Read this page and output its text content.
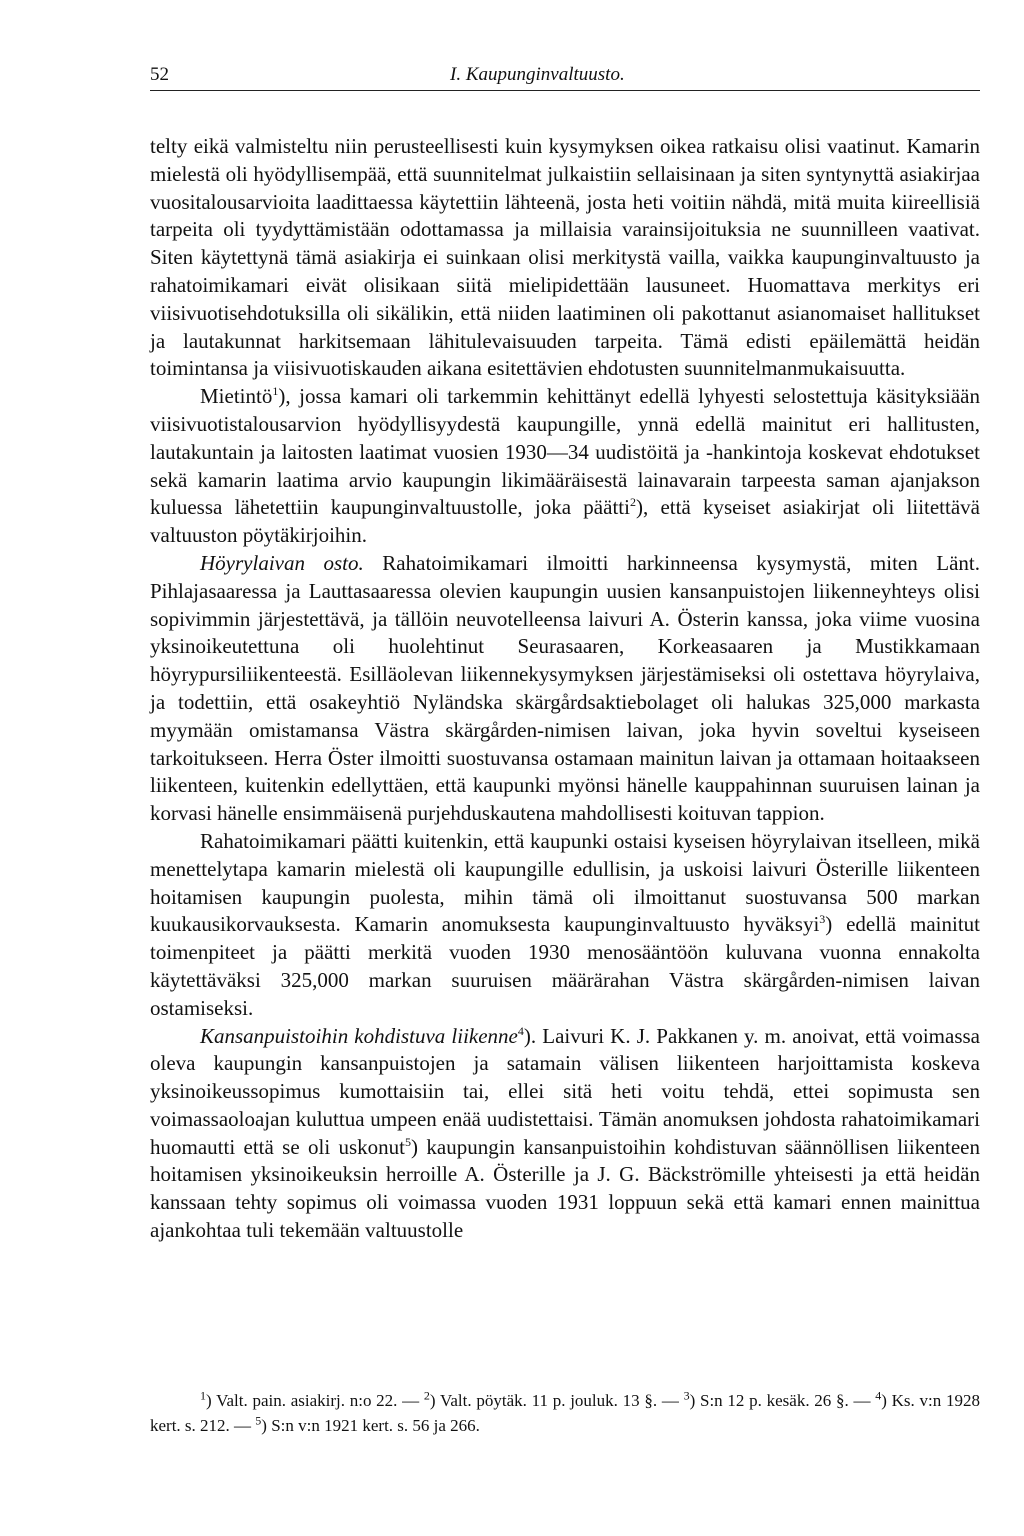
52	I. Kaupunginvaltuusto.

telty eikä valmisteltu niin perusteellisesti kuin kysymyksen oikea ratkaisu olisi vaatinut. Kamarin mielestä oli hyödyllisempää, että suunnitelmat julkaistiin sellaisinaan ja siten syntynyttä asiakirjaa vuositalousarvioita laadittaessa käytettiin lähteenä, josta heti voitiin nähdä, mitä muita kiireellisiä tarpeita oli tyydyttämistään odottamassa ja millaisia varainsijoituksia ne suunnilleen vaativat. Siten käytettynä tämä asiakirja ei suinkaan olisi merkitystä vailla, vaikka kaupunginvaltuusto ja rahatoimikamari eivät olisikaan siitä mielipidettään lausuneet. Huomattava merkitys eri viisivuotisehdotuksilla oli sikälikin, että niiden laatiminen oli pakottanut asianomaiset hallitukset ja lautakunnat harkitsemaan lähitulevaisuuden tarpeita. Tämä edisti epäilemättä heidän toimintansa ja viisivuotiskauden aikana esitettävien ehdotusten suunnitelmanmukaisuutta.

Mietintö$^1$), jossa kamari oli tarkemmin kehittänyt edellä lyhyesti selostettuja käsityksiään viisivuotistalousarvion hyödyllisyydestä kaupungille, ynnä edellä mainitut eri hallitusten, lautakuntain ja laitosten laatimat vuosien 1930—34 uudistöitä ja -hankintoja koskevat ehdotukset sekä kamarin laatima arvio kaupungin likimääräisestä lainavarain tarpeesta saman ajanjakson kuluessa lähetettiin kaupunginvaltuustolle, joka päätti$^2$), että kyseiset asiakirjat oli liitettävä valtuuston pöytäkirjoihin.

Höyrylaivan osto. Rahatoimikamari ilmoitti harkinneensa kysymystä, miten Länt. Pihlajasaaressa ja Lauttasaaressa olevien kaupungin uusien kansanpuistojen liikenneyhteys olisi sopivimmin järjestettävä, ja tällöin neuvotelleensa laivuri A. Österin kanssa, joka viime vuosina yksinoikeutettuna oli huolehtinut Seurasaaren, Korkeasaaren ja Mustikkamaan höyrypursiliikenteestä. Esilläolevan liikennekysymyksen järjestämiseksi oli ostettava höyrylaiva, ja todettiin, että osakeyhtiö Nyländska skärgårdsaktiebolaget oli halukas 325,000 markasta myymään omistamansa Västra skärgården-nimisen laivan, joka hyvin soveltui kyseiseen tarkoitukseen. Herra Öster ilmoitti suostuvansa ostamaan mainitun laivan ja ottamaan hoitaakseen liikenteen, kuitenkin edellyttäen, että kaupunki myönsi hänelle kauppahinnan suuruisen lainan ja korvasi hänelle ensimmäisenä purjehduskautena mahdollisesti koituvan tappion.

Rahatoimikamari päätti kuitenkin, että kaupunki ostaisi kyseisen höyrylaivan itselleen, mikä menettelytapa kamarin mielestä oli kaupungille edullisin, ja uskoisi laivuri Österille liikenteen hoitamisen kaupungin puolesta, mihin tämä oli ilmoittanut suostuvansa 500 markan kuukausikorvauksesta. Kamarin anomuksesta kaupunginvaltuusto hyväksyi$^3$) edellä mainitut toimenpiteet ja päätti merkitä vuoden 1930 menosääntöön kuluvana vuonna ennakolta käytettäväksi 325,000 markan suuruisen määrärahan Västra skärgården-nimisen laivan ostamiseksi.

Kansanpuistoihin kohdistuva liikenne$^4$). Laivuri K. J. Pakkanen y. m. anoivat, että voimassa oleva kaupungin kansanpuistojen ja satamain välisen liikenteen harjoittamista koskeva yksinoikeussopimus kumottaisiin tai, ellei sitä heti voitu tehdä, ettei sopimusta sen voimassaoloajan kuluttua umpeen enää uudistettaisi. Tämän anomuksen johdosta rahatoimikamari huomautti että se oli uskonut$^5$) kaupungin kansanpuistoihin kohdistuvan säännöllisen liikenteen hoitamisen yksinoikeuksin herroille A. Österille ja J. G. Bäckströmille yhteisesti ja että heidän kanssaan tehty sopimus oli voimassa vuoden 1931 loppuun sekä että kamari ennen mainittua ajankohtaa tuli tekemään valtuustolle

$^1$) Valt. pain. asiakirj. n:o 22. — $^2$) Valt. pöytäk. 11 p. jouluk. 13 §. — $^3$) S:n 12 p. kesäk. 26 §. — $^4$) Ks. v:n 1928 kert. s. 212. — $^5$) S:n v:n 1921 kert. s. 56 ja 266.
